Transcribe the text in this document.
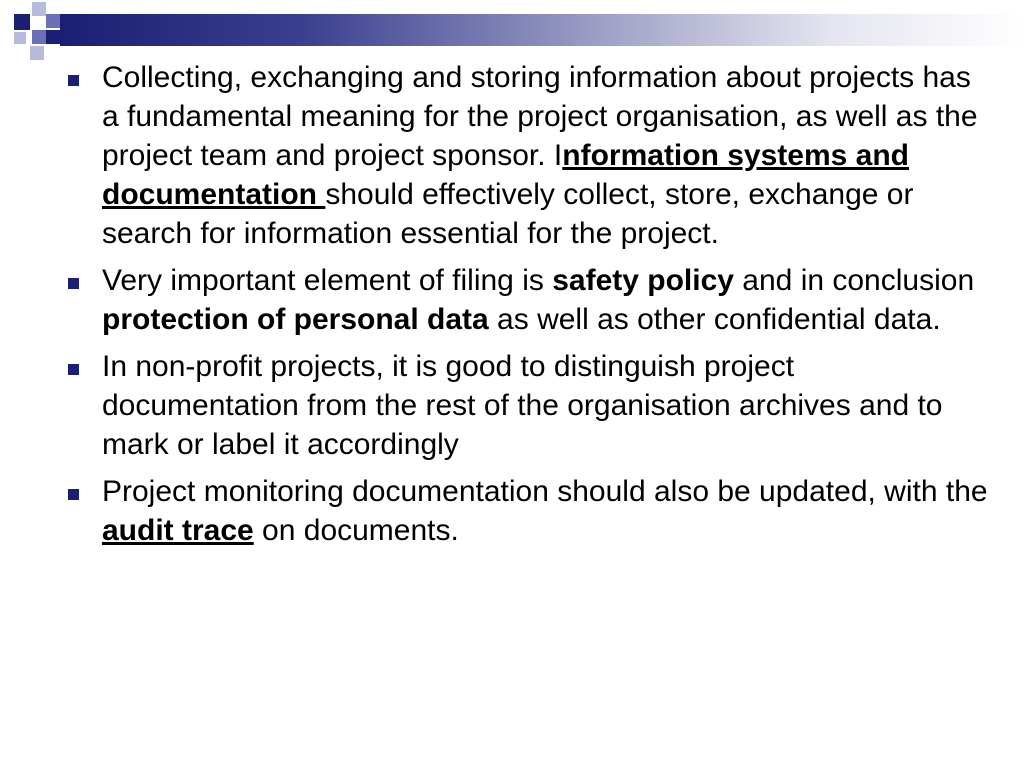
Collecting, exchanging and storing information about projects has a fundamental meaning for the project organisation, as well as the project team and project sponsor. Information systems and documentation should effectively collect, store, exchange or search for information essential for the project.
Very important element of filing is safety policy and in conclusion protection of personal data as well as other confidential data.
In non-profit projects, it is good to distinguish project documentation from the rest of the organisation archives and to mark or label it accordingly
Project monitoring documentation should also be updated, with the audit trace on documents.
